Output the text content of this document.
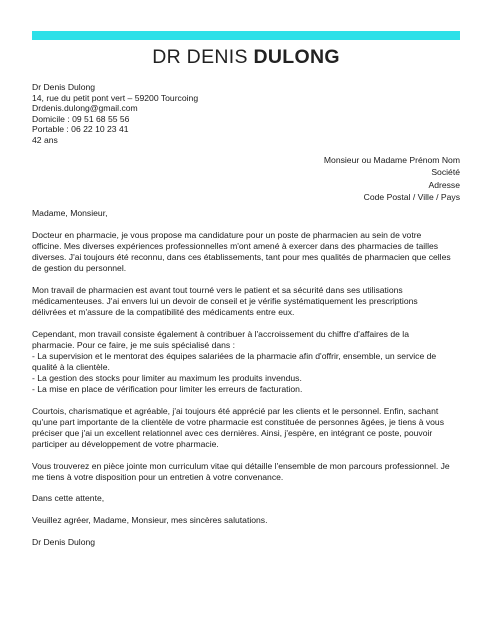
DR DENIS DULONG
Dr Denis Dulong
14, rue du petit pont vert – 59200 Tourcoing
Drdenis.dulong@gmail.com
Domicile : 09 51 68 55 56
Portable : 06 22 10 23 41
42 ans
Monsieur ou Madame Prénom Nom
Société
Adresse
Code Postal / Ville / Pays

Madame, Monsieur,

Docteur en pharmacie, je vous propose ma candidature pour un poste de pharmacien au sein de votre
officine. Mes diverses expériences professionnelles m'ont amené à exercer dans des pharmacies de tailles
diverses. J'ai toujours été reconnu, dans ces établissements, tant pour mes qualités de pharmacien que celles
de gestion du personnel.

Mon travail de pharmacien est avant tout tourné vers le patient et sa sécurité dans ses utilisations
médicamenteuses. J'ai envers lui un devoir de conseil et je vérifie systématiquement les prescriptions
délivrées et m'assure de la compatibilité des médicaments entre eux.

Cependant, mon travail consiste également à contribuer à l'accroissement du chiffre d'affaires de la
pharmacie. Pour ce faire, je me suis spécialisé dans :
- La supervision et le mentorat des équipes salariées de la pharmacie afin d'offrir, ensemble, un service de
qualité à la clientèle.
- La gestion des stocks pour limiter au maximum les produits invendus.
- La mise en place de vérification pour limiter les erreurs de facturation.

Courtois, charismatique et agréable, j'ai toujours été apprécié par les clients et le personnel. Enfin, sachant
qu'une part importante de la clientèle de votre pharmacie est constituée de personnes âgées, je tiens à vous
préciser que j'ai un excellent relationnel avec ces dernières. Ainsi, j'espère, en intégrant ce poste, pouvoir
participer au développement de votre pharmacie.

Vous trouverez en pièce jointe mon curriculum vitae qui détaille l'ensemble de mon parcours professionnel. Je
me tiens à votre disposition pour un entretien à votre convenance.

Dans cette attente,

Veuillez agréer, Madame, Monsieur, mes sincères salutations.

Dr Denis Dulong
